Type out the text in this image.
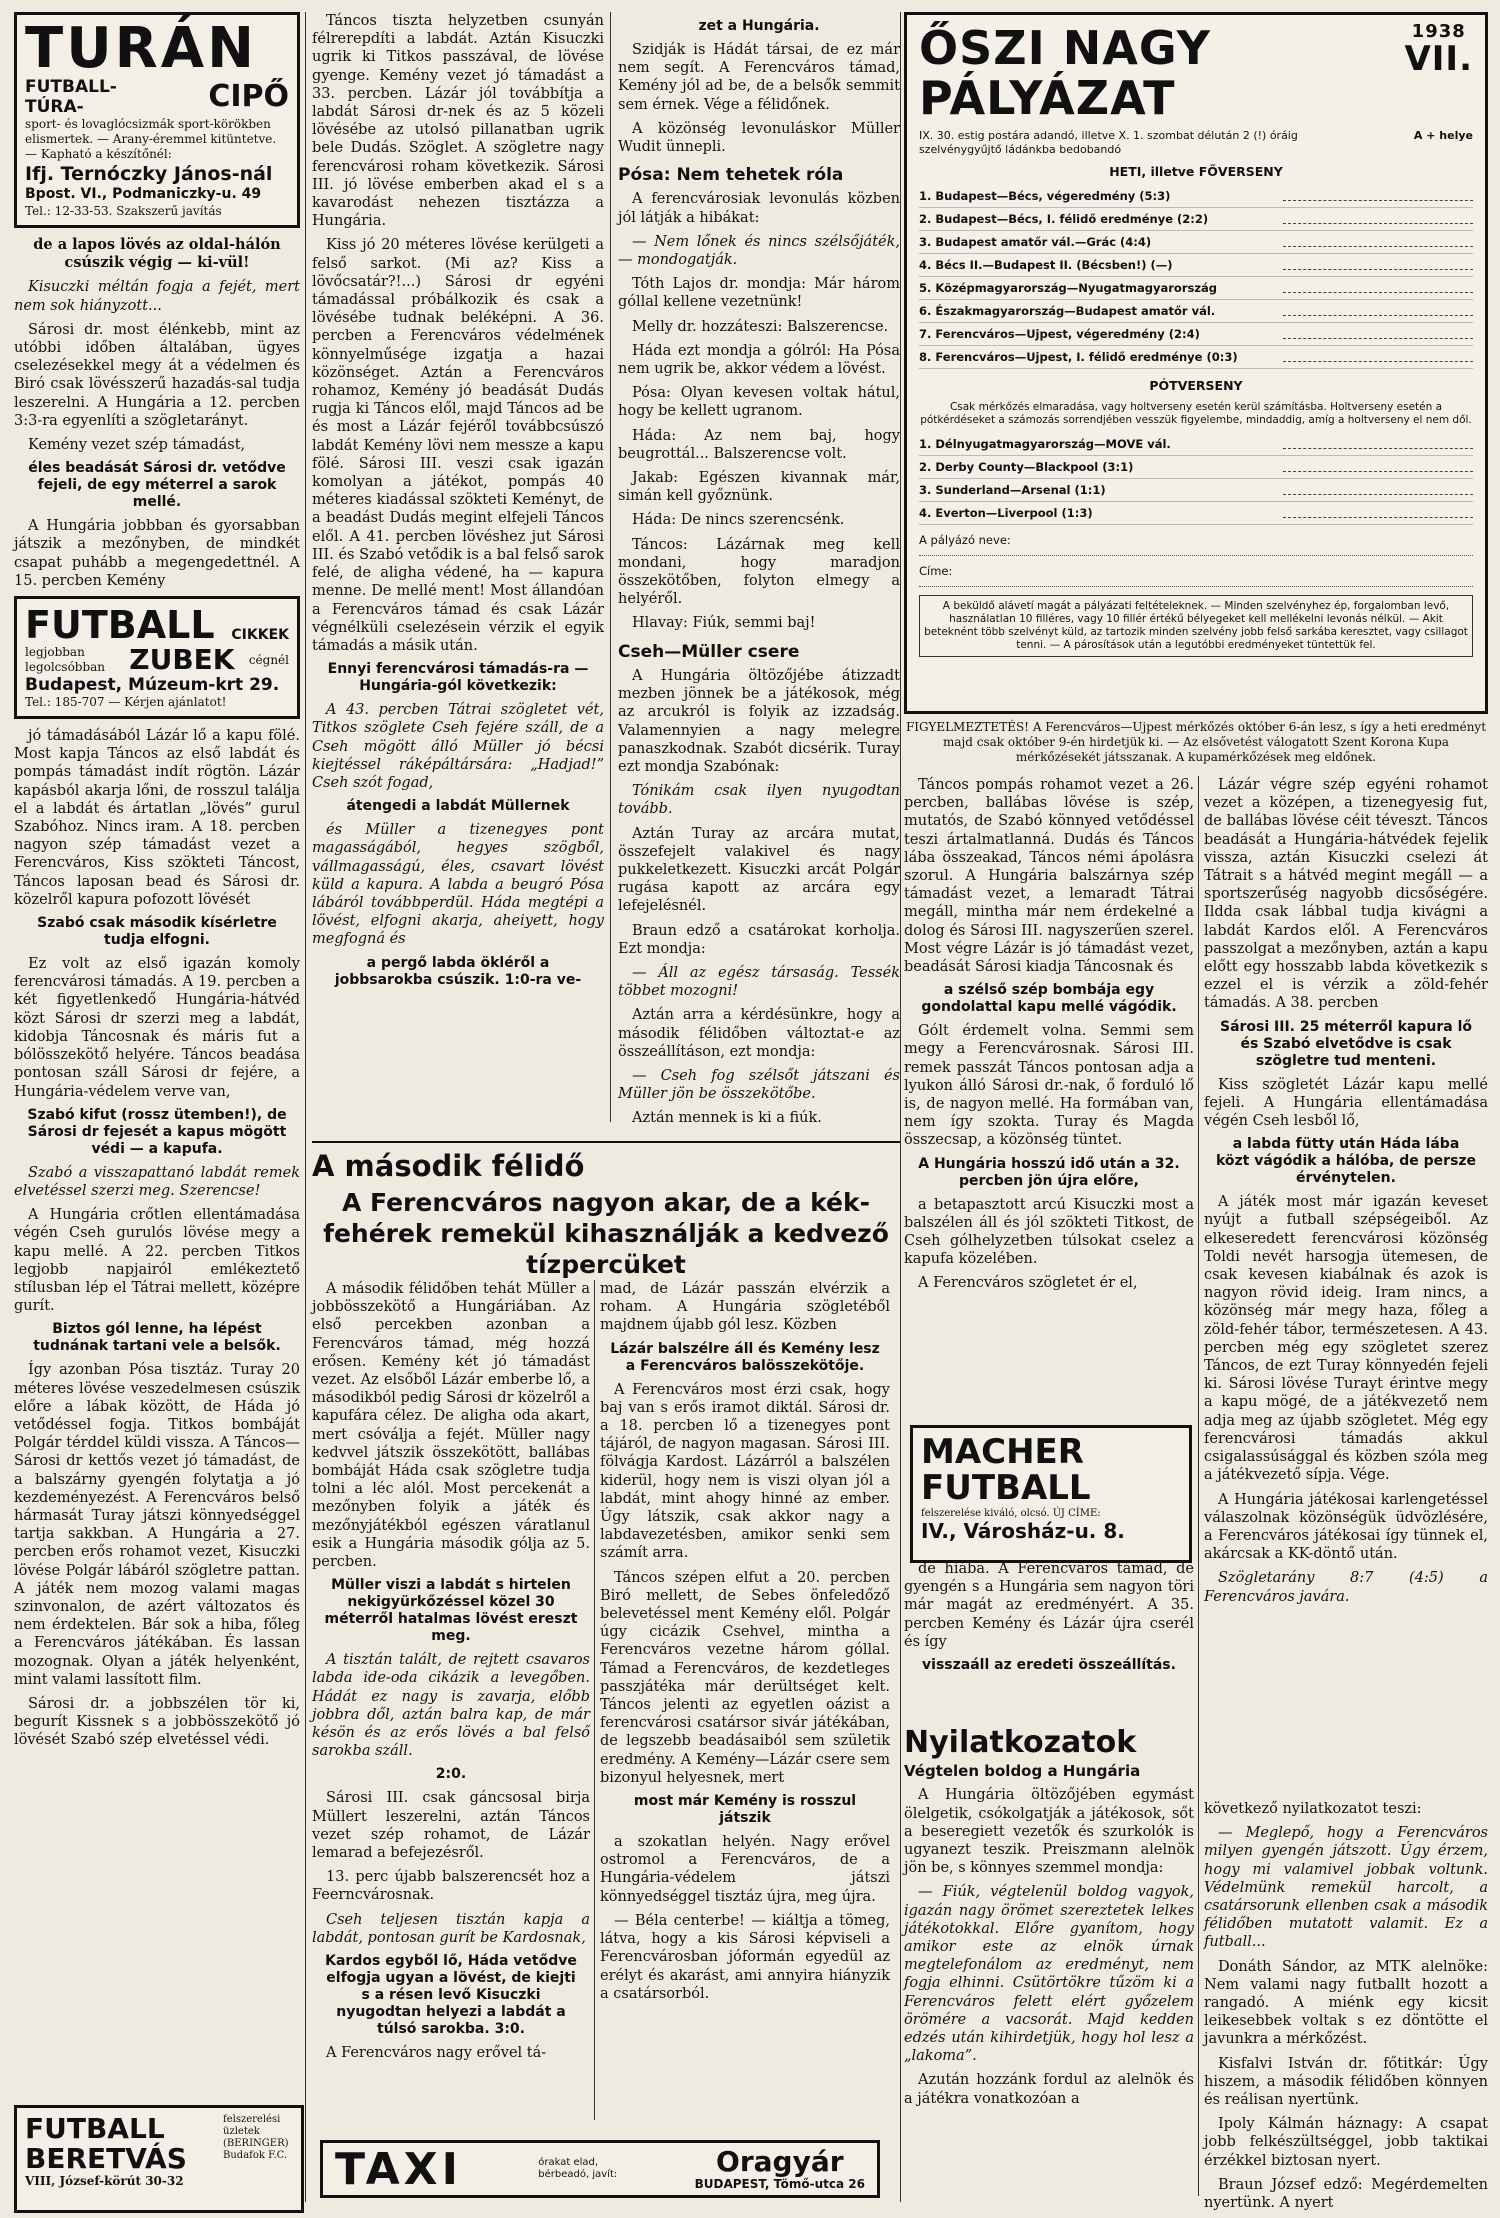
TURÁN
FUTBALL-
TÚRA-	CIPŐ
sport- és lovaglócsizmák sport-körökben elismertek. — Arany-éremmel kitüntetve. — Kapható a készítőnél:
Ifj. Ternóczky János-nál
Bpost. VI., Podmaniczky-u. 49
Tel.: 12-33-53. Szakszerű javítás

de a lapos lövés az oldal-hálón csúszik végig — ki-vül!

Kisuczki méltán fogja a fejét, mert nem sok hiányzott...

Sárosi dr. most élénkebb, mint az utóbbi időben általában, ügyes cselezésekkel megy át a védelmen és Biró csak lövésszerű hazadás-sal tudja leszerelni. A Hungária a 12. percben 3:3-ra egyenlíti a szögletarányt.

Kemény vezet szép támadást,

éles beadását Sárosi dr. vetődve fejeli, de egy méterrel a sarok mellé.

A Hungária jobbban és gyorsabban játszik a mezőnyben, de mindkét csapat puhább a megengedettnél. A 15. percben Kemény

FUTBALL CIKKEK
legjobban legolcsóbban ZUBEK cégnél
Budapest, Múzeum-krt 29.
Tel.: 185-707 — Kérjen ajánlatot!

jó támadásából Lázár lő a kapu fölé. Most kapja Táncos az első labdát és pompás támadást indít rögtön. Lázár kapásból akarja lőni, de rosszul találja el a labdát és ártatlan „lövés” gurul Szabóhoz. Nincs iram. A 18. percben nagyon szép támadást vezet a Ferencváros, Kiss szökteti Táncost, Táncos laposan bead és Sárosi dr. közelről kapura pofozott lövését

Szabó csak második kísérletre tudja elfogni.

Ez volt az első igazán komoly ferencvárosi támadás. A 19. percben a két figyetlenkedő Hungária-hátvéd közt Sárosi dr szerzi meg a labdát, kidobja Táncosnak és máris fut a bólösszekötő helyére. Táncos beadása pontosan száll Sárosi dr fejére, a Hungária-védelem verve van,

Szabó kifut (rossz ütemben!), de Sárosi dr fejesét a kapus mögött védi — a kapufa.

Szabó a visszapattanó labdát remek elvetéssel szerzi meg. Szerencse!

A Hungária crőtlen ellentámadása végén Cseh gurulós lövése megy a kapu mellé. A 22. percben Titkos legjobb napjairól emlékeztető stílusban lép el Tátrai mellett, középre gurít.

Biztos gól lenne, ha lépést tudnának tartani vele a belsők.

Így azonban Pósa tisztáz. Turay 20 méteres lövése veszedelmesen csúszik előre a lábak között, de Háda jó vetődéssel fogja. Titkos bombáját Polgár térddel küldi vissza. A Táncos—Sárosi dr kettős vezet jó támadást, de a balszárny gyengén folytatja a jó kezdeményezést. A Ferencváros belső hármasát Turay játszi könnyedséggel tartja sakkban. A Hungária a 27. percben erős rohamot vezet, Kisuczki lövése Polgár lábáról szögletre pattan. A játék nem mozog valami magas szinvonalon, de azért változatos és nem érdektelen. Bár sok a hiba, főleg a Ferencváros játékában. És lassan mozognak. Olyan a játék helyenként, mint valami lassított film.

Sárosi dr. a jobbszélen tör ki, begurít Kissnek s a jobbösszekötő jó lövését Szabó szép elvetéssel védi.

FUTBALL
BERETVÁS
felszerelési üzletek (BERINGER) Budafok F.C.
VIII, József-körút 30-32

Táncos tiszta helyzetben csunyán félrerepdíti a labdát. Aztán Kisuczki ugrik ki Titkos passzával, de lövése gyenge. Kemény vezet jó támadást a 33. percben. Lázár jól továbbítja a labdát Sárosi dr-nek és az 5 közeli lövésébe az utolsó pillanatban ugrik bele Dudás. Szöglet. A szögletre nagy ferencvárosi roham következik. Sárosi III. jó lövése emberben akad el s a kavarodást nehezen tisztázza a Hungária.

Kiss jó 20 méteres lövése kerülgeti a felső sarkot. (Mi az? Kiss a lövőcsatár?!...) Sárosi dr egyéni támadással próbálkozik és csak a lövésébe tudnak beléképni. A 36. percben a Ferencváros védelmének könnyelműsége izgatja a hazai közönséget. Aztán a Ferencváros rohamoz, Kemény jó beadását Dudás rugja ki Táncos elől, majd Táncos ad be és most a Lázár fejéről továbbcsúszó labdát Kemény lövi nem messze a kapu fölé. Sárosi III. veszi csak igazán komolyan a játékot, pompás 40 méteres kiadással szökteti Keményt, de a beadást Dudás megint elfejeli Táncos elől. A 41. percben lövéshez jut Sárosi III. és Szabó vetődik is a bal felső sarok felé, de aligha védené, ha — kapura menne. De mellé ment! Most állandóan a Ferencváros támad és csak Lázár végnélküli cselezésein vérzik el egyik támadás a másik után.

Ennyi ferencvárosi támadás-ra — Hungária-gól következik:

A 43. percben Tátrai szögletet vét, Titkos szöglete Cseh fejére száll, de a Cseh mögött álló Müller jó bécsi kiejtéssel ráképáltársára: „Hadjad!” Cseh szót fogad,

átengedi a labdát Müllernek

és Müller a tizenegyes pont magasságából, hegyes szögből, vállmagasságú, éles, csavart lövést küld a kapura. A labda a beugró Pósa lábáról továbbperdül. Háda megtépi a lövést, elfogni akarja, aheiyett, hogy megfogná és

a pergő labda ökléről a jobbsarokba csúszik. 1:0-ra ve-
zet a Hungária.

Szidják is Hádát társai, de ez már nem segít. A Ferencváros támad, Kemény jól ad be, de a belsők semmit sem érnek. Vége a félidőnek.

A közönség levonuláskor Müller Wudit ünnepli.

Pósa: Nem tehetek róla

A ferencvárosiak levonulás közben jól látják a hibákat:

— Nem lőnek és nincs szélsőjáték, — mondogatják.

Tóth Lajos dr. mondja: Már három góllal kellene vezetnünk!

Melly dr. hozzáteszi: Balszerencse.

Háda ezt mondja a gólról: Ha Pósa nem ugrik be, akkor védem a lövést.

Pósa: Olyan kevesen voltak hátul, hogy be kellett ugranom.

Háda: Az nem baj, hogy beugrottál... Balszerencse volt.

Jakab: Egészen kivannak már, simán kell győznünk.

Háda: De nincs szerencsénk.

Táncos: Lázárnak meg kell mondani, hogy maradjon összekötőben, folyton elmegy a helyéről.

Hlavay: Fiúk, semmi baj!

Cseh—Müller csere

A Hungária öltözőjébe átizzadt mezben jönnek be a játékosok, még az arcukról is folyik az izzadság. Valamennyien a nagy melegre panaszkodnak. Szabót dicsérik. Turay ezt mondja Szabónak:

Tónikám csak ilyen nyugodtan tovább.

Aztán Turay az arcára mutat, összefejelt valakivel és nagy pukkeletkezett. Kisuczki arcát Polgár rugása kapott az arcára egy lefejelésnél.

Braun edző a csatárokat korholja. Ezt mondja:

— Áll az egész társaság. Tessék többet mozogni!

Aztán arra a kérdésünkre, hogy a második félidőben változtat-e az összeállításon, ezt mondja:

— Cseh fog szélsőt játszani és Müller jön be összekötőbe.

Aztán mennek is ki a fiúk.

ŐSZI NAGY PÁLYÁZAT
1938
VII.
IX. 30. estig postára adandó, illetve X. 1. szombat délután 2 (!) óráig szelvénygyűjtő ládánkba bedobandó
A + helye
HETI, illetve FŐVERSENY
1. Budapest—Bécs, végeredmény (5:3)
2. Budapest—Bécs, I. félidő eredménye (2:2)
3. Budapest amatőr vál.—Grác (4:4)
4. Bécs II.—Budapest II. (Bécsben!) (—)
5. Középmagyarország—Nyugatmagyarország
6. Északmagyarország—Budapest amatőr vál.
7. Ferencváros—Ujpest, végeredmény (2:4)
8. Ferencváros—Ujpest, I. félidő eredménye (0:3)
PÓTVERSENY
Csak mérkőzés elmaradása, vagy holtverseny esetén kerül számításba. Holtverseny esetén a pótkérdéseket a számozás sorrendjében vesszük figyelembe, mindaddig, amíg a holtverseny el nem dől.
1. Délnyugatmagyarország—MOVE vál.
2. Derby County—Blackpool (3:1)
3. Sunderland—Arsenal (1:1)
4. Everton—Liverpool (1:3)
A pályázó neve:
Címe:
A beküldő alávetí magát a pályázati feltételeknek. — Minden szelvényhez ép, forgalomban levő, használatlan 10 filléres, vagy 10 fillér értékű bélyegeket kell mellékelni levonás nélkül. — Akit beteknént több szelvényt küld, az tartozik minden szelvény jobb felső sarkába keresztet, vagy csillagot tenni. — A párosítások után a legutóbbi eredményeket tüntettük fel.
FIGYELMEZTETÉS! A Ferencváros—Ujpest mérkőzés október 6-án lesz, s így a heti eredményt majd csak október 9-én hirdetjük ki. — Az elsővetést válogatott Szent Korona Kupa mérkőzésekét játsszanak. A kupamérkőzések meg eldőnek.

Táncos pompás rohamot vezet a 26. percben, ballábas lövése is szép, mutatós, de Szabó könnyed vetődéssel teszi ártalmatlanná. Dudás és Táncos lába összeakad, Táncos némi ápolásra szorul. A Hungária balszárnya szép támadást vezet, a lemaradt Tátrai megáll, mintha már nem érdekelné a dolog és Sárosi III. nagyszerűen szerel. Most végre Lázár is jó támadást vezet, beadását Sárosi kiadja Táncosnak és

a szélső szép bombája egy gondolattal kapu mellé vágódik.

Gólt érdemelt volna. Semmi sem megy a Ferencvárosnak. Sárosi III. remek passzát Táncos pontosan adja a lyukon álló Sárosi dr.-nak, ő forduló lő is, de nagyon mellé. Ha formában van, nem így szokta. Turay és Magda összecsap, a közönség tüntet.

A Hungária hosszú idő után a 32. percben jön újra előre,

a betapasztott arcú Kisuczki most a balszélen áll és jól szökteti Titkost, de Cseh gólhelyzetben túlsokat cselez a kapufa közelében.

A Ferencváros szögletet ér el,

MACHER
FUTBALL
felszerelése kiváló, olcsó. ÚJ CÍME:
IV., Városház-u. 8.

de hiába. A Ferencváros támad, de gyengén s a Hungária sem nagyon töri már magát az eredményért. A 35. percben Kemény és Lázár újra cserél és így

visszaáll az eredeti összeállítás.

Lázár végre szép egyéni rohamot vezet a középen, a tizenegyesig fut, de ballábas lövése céit téveszt. Táncos beadását a Hungária-hátvédek fejelik vissza, aztán Kisuczki cselezi át Tátrait s a hátvéd megint megáll — a sportszerűség nagyobb dicsőségére. Ildda csak lábbal tudja kivágni a labdát Kardos elől. A Ferencváros passzolgat a mezőnyben, aztán a kapu előtt egy hosszabb labda következik s ezzel el is vérzik a zöld-fehér támadás. A 38. percben

Sárosi III. 25 méterről kapura lő és Szabó elvetődve is csak szögletre tud menteni.

Kiss szögletét Lázár kapu mellé fejeli. A Hungária ellentámadása végén Cseh lesből lő,

a labda fütty után Háda lába közt vágódik a hálóba, de persze érvénytelen.

A játék most már igazán keveset nyújt a futball szépségeiből. Az elkeseredett ferencvárosi közönség Toldi nevét harsogja ütemesen, de csak kevesen kiabálnak és azok is nagyon rövid ideig. Iram nincs, a közönség már megy haza, főleg a zöld-fehér tábor, természetesen. A 43. percben még egy szögletet szerez Táncos, de ezt Turay könnyedén fejeli ki. Sárosi lövése Turayt érintve megy a kapu mögé, de a játékvezető nem adja meg az újabb szögletet. Még egy ferencvárosi támadás akkul csigalassúsággal és közben szóla meg a játékvezető sípja. Vége.

A Hungária játékosai karlengetéssel válaszolnak közönségük üdvözlésére, a Ferencváros játékosai így tünnek el, akárcsak a KK-döntő után.

Szögletarány 8:7 (4:5) a Ferencváros javára.

következő nyilatkozatot teszi:

— Meglepő, hogy a Ferencváros milyen gyengén játszott. Úgy érzem, hogy mi valamivel jobbak voltunk. Védelmünk remekül harcolt, a csatársorunk ellenben csak a második félidőben mutatott valamit. Ez a futball...

Donáth Sándor, az MTK alelnöke: Nem valami nagy futballt hozott a rangadó. A miénk egy kicsit leikesebbek voltak s ez döntötte el javunkra a mérkőzést.

Kisfalvi István dr. főtitkár: Úgy hiszem, a második félidőben könnyen és reálisan nyertünk.

Ipoly Kálmán háznagy: A csapat jobb felkészültséggel, jobb taktikai érzékkel biztosan nyert.

Braun József edző: Megérdemelten nyertünk. A nyert

Nyilatkozatok
Végtelen boldog a Hungária

A Hungária öltözőjében egymást ölelgetik, csókolgatják a játékosok, sőt a beseregiett vezetők és szurkolók is ugyanezt teszik. Preiszmann alelnök jön be, s könnyes szemmel mondja:

— Fiúk, végtelenül boldog vagyok, igazán nagy örömet szereztetek lelkes játékotokkal. Előre gyanítom, hogy amikor este az elnök úrnak megtelefonálom az eredményt, nem fogja elhinni. Csütörtökre tűzöm ki a Ferencváros felett elért győzelem örömére a vacsorát. Majd kedden edzés után kihirdetjük, hogy hol lesz a „lakoma”.

Azután hozzánk fordul az alelnök és a játékra vonatkozóan a

A második félidő
A Ferencváros nagyon akar, de a kék-fehérek remekül kihasználják a kedvező tízpercüket

A második félidőben tehát Müller a jobbösszekötő a Hungáriában. Az első percekben azonban a Ferencváros támad, még hozzá erősen. Kemény két jó támadást vezet. Az elsőből Lázár emberbe lő, a másodikból pedig Sárosi dr közelről a kapufára célez. De aligha oda akart, mert csóválja a fejét. Müller nagy kedvvel játszik összekötött, ballábas bombáját Háda csak szögletre tudja tolni a léc alól. Most percekenát a mezőnyben folyik a játék és mezőnyjátékból egészen váratlanul esik a Hungária második gólja az 5. percben.

Müller viszi a labdát s hirtelen nekigyürkőzéssel közel 30 méterről hatalmas lövést ereszt meg.

A tisztán talált, de rejtett csavaros labda ide-oda cikázik a levegőben. Hádát ez nagy is zavarja, előbb jobbra dől, aztán balra kap, de már késön és az erős lövés a bal felső sarokba száll.

2:0.

Sárosi III. csak gáncsosal birja Müllert leszerelni, aztán Táncos vezet szép rohamot, de Lázár lemarad a befejezésről.

13. perc újabb balszerencsét hoz a Feerncvárosnak.

Cseh teljesen tisztán kapja a labdát, pontosan gurít be Kardosnak,

Kardos egyből lő, Háda vetődve elfogja ugyan a lövést, de kiejti s a résen levő Kisuczki nyugodtan helyezi a labdát a túlsó sarokba. 3:0.

A Ferencváros nagy erővel tá-

mad, de Lázár passzán elvérzik a roham. A Hungária szögletéből majdnem újabb gól lesz. Közben

Lázár balszélre áll és Kemény lesz a Ferencváros balösszekötője.

A Ferencváros most érzi csak, hogy baj van s erős iramot diktál. Sárosi dr. a 18. percben lő a tizenegyes pont tájáról, de nagyon magasan. Sárosi III. fölvágja Kardost. Lázárról a balszélen kiderül, hogy nem is viszi olyan jól a labdát, mint ahogy hinné az ember. Úgy látszik, csak akkor nagy a labdavezetésben, amikor senki sem számít arra.

Táncos szépen elfut a 20. percben Biró mellett, de Sebes önfeledőző belevetéssel ment Kemény elől. Polgár úgy cicázik Csehvel, mintha a Ferencváros vezetne három góllal. Támad a Ferencváros, de kezdetleges passzjátéka már derültséget kelt. Táncos jelenti az egyetlen oázist a ferencvárosi csatársor sivár játékában, de legszebb beadásaiból sem születik eredmény. A Kemény—Lázár csere sem bizonyul helyesnek, mert

most már Kemény is rosszul játszik

a szokatlan helyén. Nagy erővel ostromol a Ferencváros, de a Hungária-védelem játszi könnyedséggel tisztáz újra, meg újra.

— Béla centerbe! — kiáltja a tömeg, látva, hogy a kis Sárosi képviseli a Ferencvárosban jóformán egyedül az erélyt és akarást, ami annyira hiányzik a csatársorból.

TAXI	órakat elad, bérbeadó, javít:	Oragyár
BUDAPEST, Tömő-utca 26
